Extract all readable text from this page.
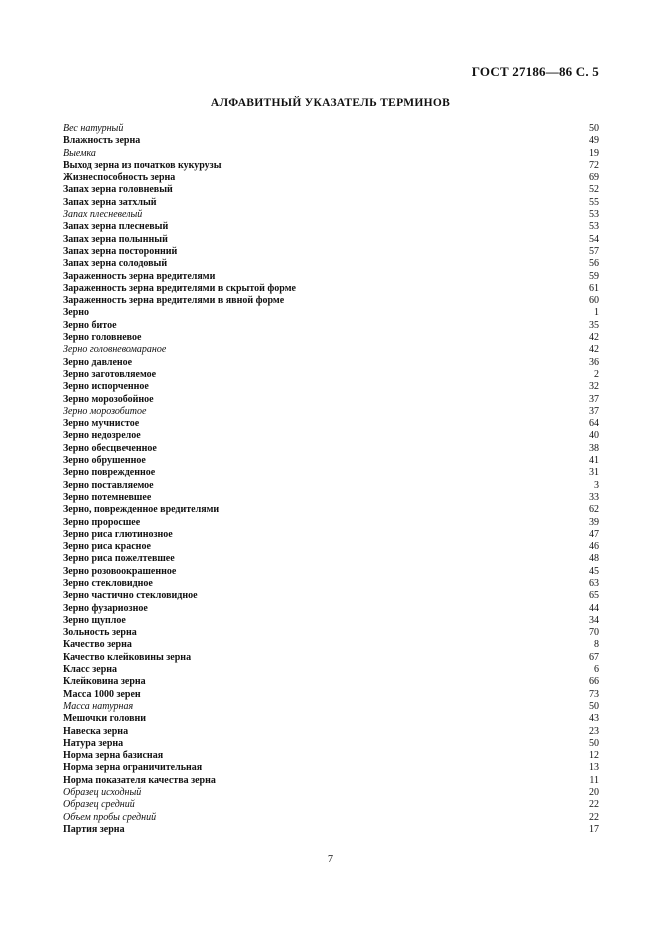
ГОСТ 27186—86 С. 5
АЛФАВИТНЫЙ УКАЗАТЕЛЬ ТЕРМИНОВ
Вес натурный	50
Влажность зерна	49
Выемка	19
Выход зерна из початков кукурузы	72
Жизнеспособность зерна	69
Запах зерна головневый	52
Запах зерна затхлый	55
Запах плесневелый	53
Запах зерна плесневый	53
Запах зерна полынный	54
Запах зерна посторонний	57
Запах зерна солодовый	56
Зараженность зерна вредителями	59
Зараженность зерна вредителями в скрытой форме	61
Зараженность зерна вредителями в явной форме	60
Зерно	1
Зерно битое	35
Зерно головневое	42
Зерно головневомараное	42
Зерно давленое	36
Зерно заготовляемое	2
Зерно испорченное	32
Зерно морозобойное	37
Зерно морозобитое	37
Зерно мучнистое	64
Зерно недозрелое	40
Зерно обесцвеченное	38
Зерно обрушенное	41
Зерно поврежденное	31
Зерно поставляемое	3
Зерно потемневшее	33
Зерно, поврежденное вредителями	62
Зерно проросшее	39
Зерно риса глютинозное	47
Зерно риса красное	46
Зерно риса пожелтевшее	48
Зерно розовоокрашенное	45
Зерно стекловидное	63
Зерно частично стекловидное	65
Зерно фузариозное	44
Зерно щуплое	34
Зольность зерна	70
Качество зерна	8
Качество клейковины зерна	67
Класс зерна	6
Клейковина зерна	66
Масса 1000 зерен	73
Масса натурная	50
Мешочки головни	43
Навеска зерна	23
Натура зерна	50
Норма зерна базисная	12
Норма зерна ограничительная	13
Норма показателя качества зерна	11
Образец исходный	20
Образец средний	22
Объем пробы средний	22
Партия зерна	17
7
